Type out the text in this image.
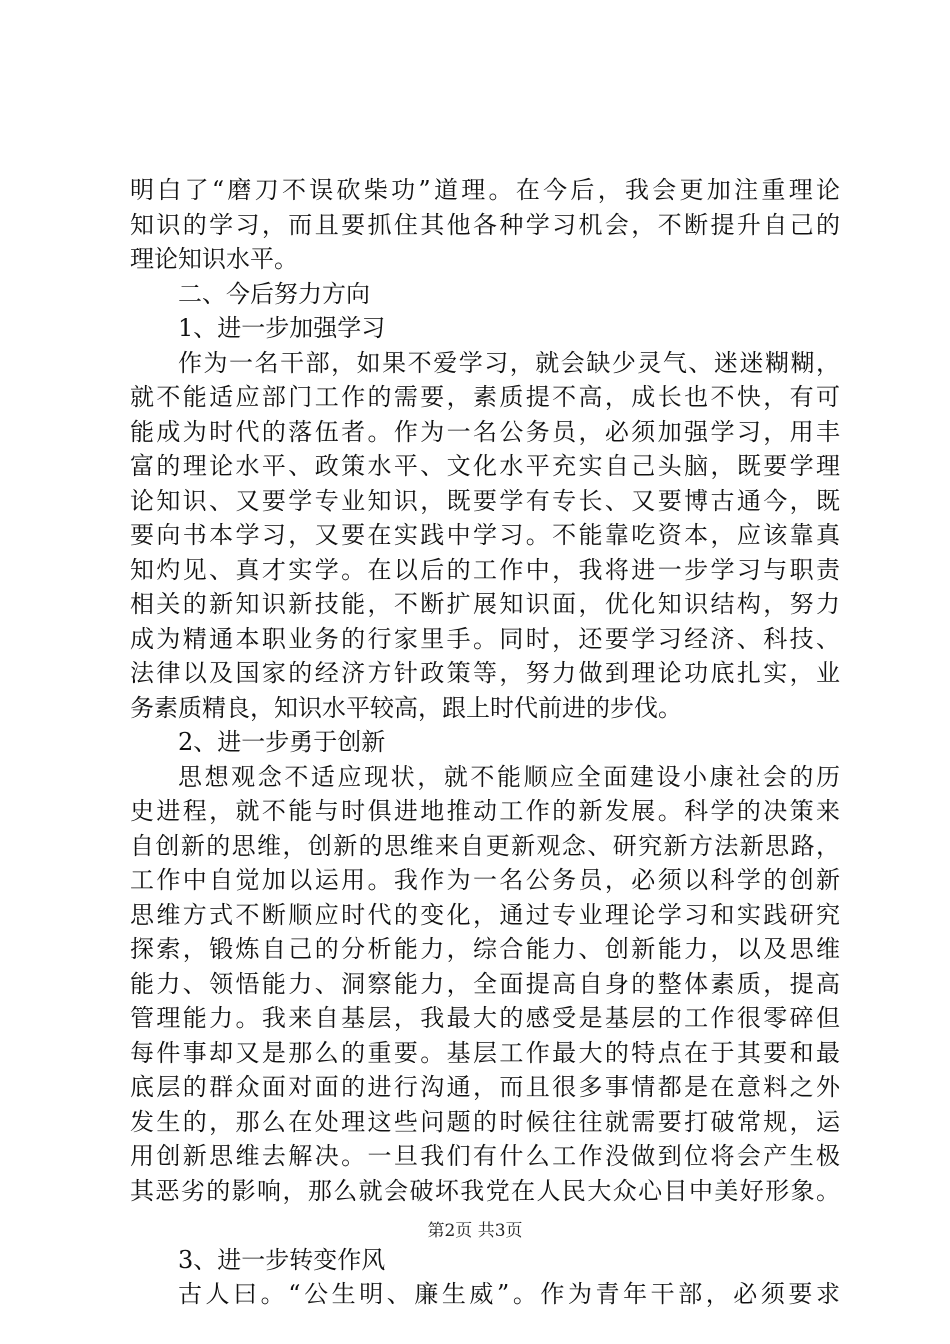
明白了“磨刀不误砍柴功”道理。在今后，我会更加注重理论
知识的学习，而且要抓住其他各种学习机会，不断提升自己的
理论知识水平。
二、今后努力方向
1、进一步加强学习
作为一名干部，如果不爱学习，就会缺少灵气、迷迷糊糊，
就不能适应部门工作的需要，素质提不高，成长也不快，有可
能成为时代的落伍者。作为一名公务员，必须加强学习，用丰
富的理论水平、政策水平、文化水平充实自己头脑，既要学理
论知识、又要学专业知识，既要学有专长、又要博古通今，既
要向书本学习，又要在实践中学习。不能靠吃资本，应该靠真
知灼见、真才实学。在以后的工作中，我将进一步学习与职责
相关的新知识新技能，不断扩展知识面，优化知识结构，努力
成为精通本职业务的行家里手。同时，还要学习经济、科技、
法律以及国家的经济方针政策等，努力做到理论功底扎实，业
务素质精良，知识水平较高，跟上时代前进的步伐。
2、进一步勇于创新
思想观念不适应现状，就不能顺应全面建设小康社会的历
史进程，就不能与时俱进地推动工作的新发展。科学的决策来
自创新的思维，创新的思维来自更新观念、研究新方法新思路，
工作中自觉加以运用。我作为一名公务员，必须以科学的创新
思维方式不断顺应时代的变化，通过专业理论学习和实践研究
探索，锻炼自己的分析能力，综合能力、创新能力，以及思维
能力、领悟能力、洞察能力，全面提高自身的整体素质，提高
管理能力。我来自基层，我最大的感受是基层的工作很零碎但
每件事却又是那么的重要。基层工作最大的特点在于其要和最
底层的群众面对面的进行沟通，而且很多事情都是在意料之外
发生的，那么在处理这些问题的时候往往就需要打破常规，运
用创新思维去解决。一旦我们有什么工作没做到位将会产生极
其恶劣的影响，那么就会破坏我党在人民大众心目中美好形象。
3、进一步转变作风
古人曰。“公生明、廉生威”。作为青年干部，必须要求
第2页 共3页
